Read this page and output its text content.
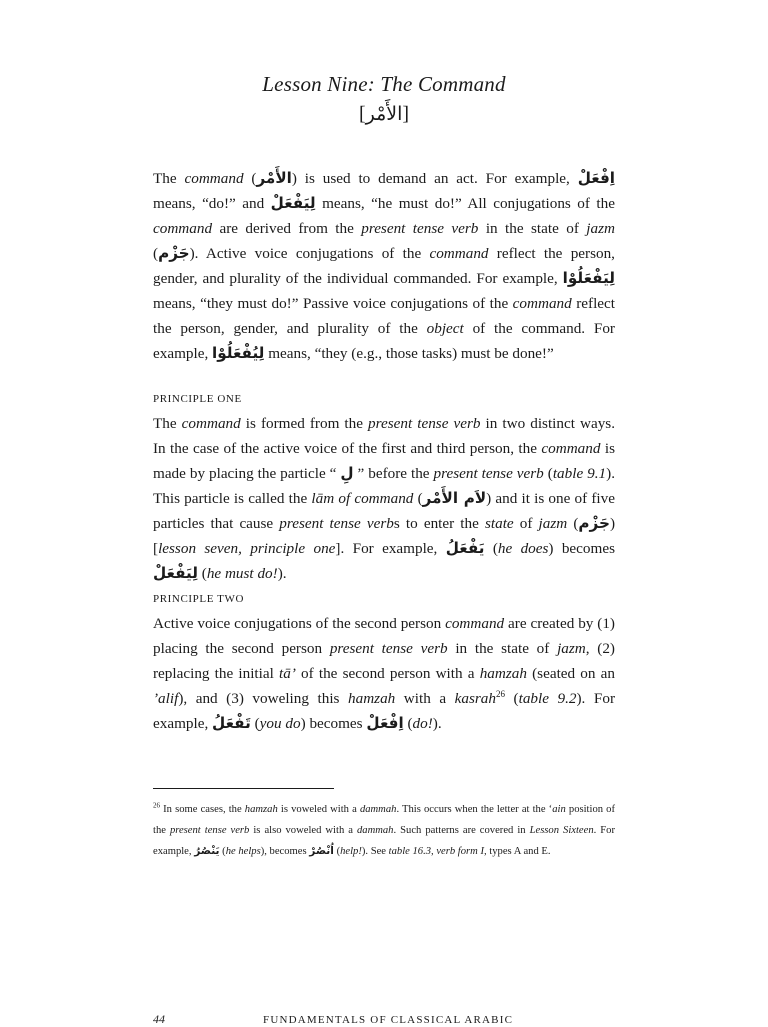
Lesson Nine: The Command
[الأَمْر]

The command (الأَمْر) is used to demand an act. For example, اِفْعَلْ means, “do!” and لِيَفْعَلْ means, “he must do!” All conjugations of the command are derived from the present tense verb in the state of jazm (جَزْم). Active voice conjugations of the command reflect the person, gender, and plurality of the individual commanded. For example, لِيَفْعَلُوْا means, “they must do!” Passive voice conjugations of the command reflect the person, gender, and plurality of the object of the command. For example, لِيُفْعَلُوْا means, “they (e.g., those tasks) must be done!”

PRINCIPLE ONE

The command is formed from the present tense verb in two distinct ways. In the case of the active voice of the first and third person, the command is made by placing the particle “ لِ ” before the present tense verb (table 9.1). This particle is called the lām of command (لاَم الأَمْر) and it is one of five particles that cause present tense verbs to enter the state of jazm (جَزْم) [lesson seven, principle one]. For example, يَفْعَلُ (he does) becomes لِيَفْعَلْ (he must do!).

PRINCIPLE TWO

Active voice conjugations of the second person command are created by (1) placing the second person present tense verb in the state of jazm, (2) replacing the initial tā’ of the second person with a hamzah (seated on an ’alif), and (3) voweling this hamzah with a kasrah$^{26}$ (table 9.2). For example, تَفْعَلُ (you do) becomes اِفْعَلْ (do!).

$^{26}$ In some cases, the hamzah is voweled with a dammah. This occurs when the letter at the ‘ain position of the present tense verb is also voweled with a dammah. Such patterns are covered in Lesson Sixteen. For example, يَنْصُرُ (he helps), becomes اُنْصُرْ (help!). See table 16.3, verb form I, types A and E.

44	FUNDAMENTALS OF CLASSICAL ARABIC
